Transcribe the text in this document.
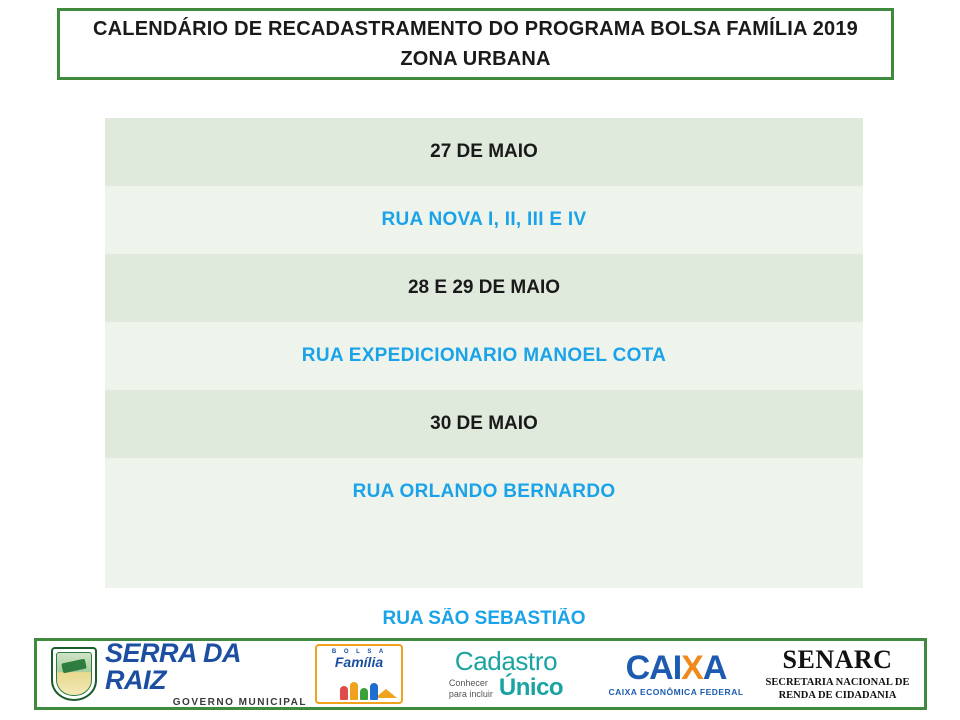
CALENDÁRIO DE RECADASTRAMENTO DO PROGRAMA BOLSA FAMÍLIA 2019
ZONA URBANA
27 DE MAIO
RUA NOVA I, II, III E IV
28 E 29 DE MAIO
RUA EXPEDICIONARIO MANOEL COTA
30 DE MAIO
RUA ORLANDO BERNARDO
RUA SÃO SEBASTIÃO
SERRA DA RAIZ
GOVERNO MUNICIPAL
B O L S A
Família	Cadastro
Conhecer
para incluir Único
CAI X A
CAIXA ECONÔMICA FEDERAL
SENARC
SECRETARIA NACIONAL DE
RENDA DE CIDADANIA
